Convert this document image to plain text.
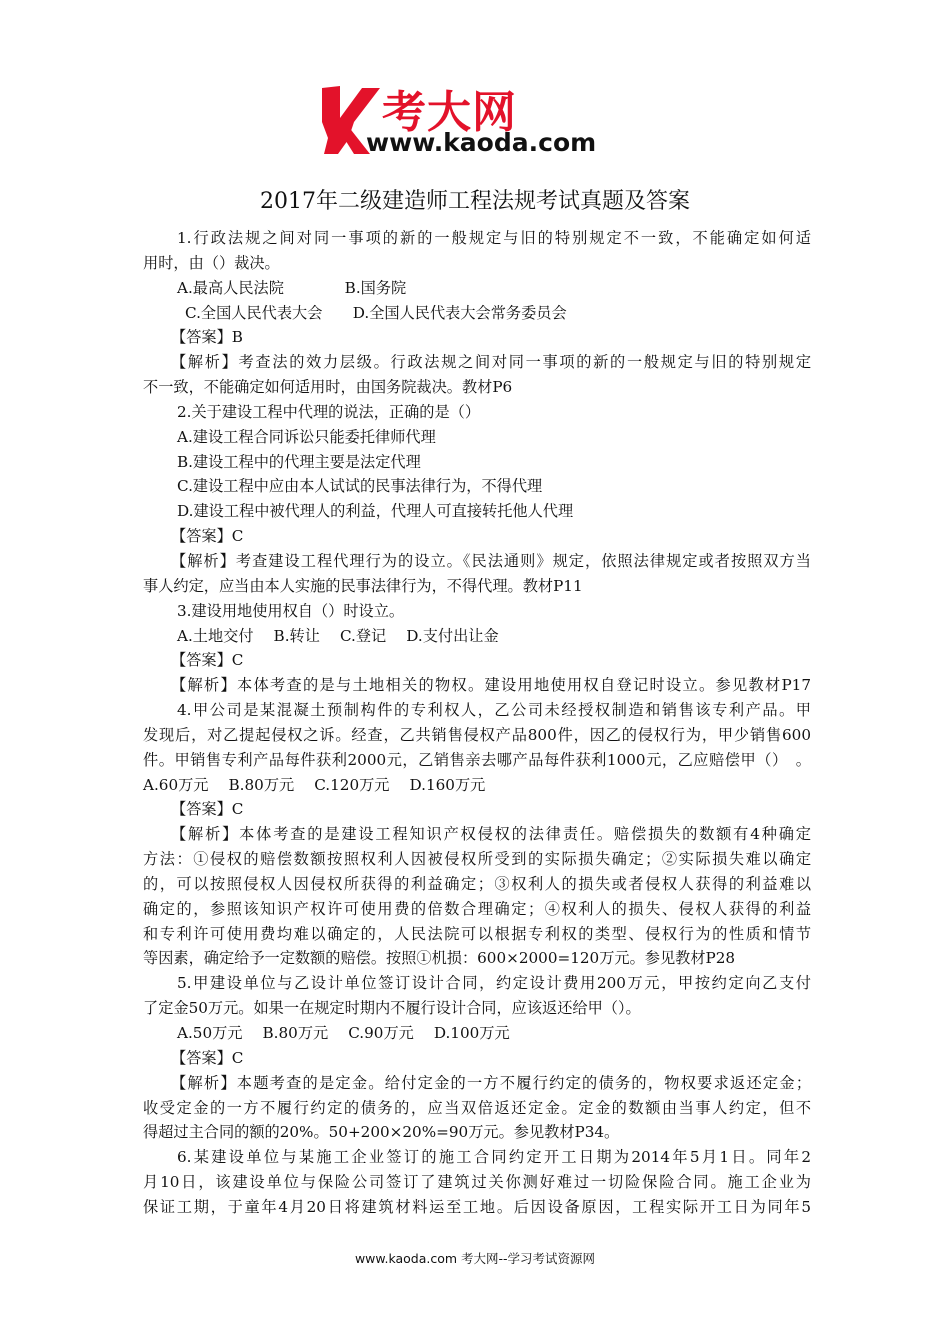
考大网
www.kaoda.com
2017年二级建造师工程法规考试真题及答案
1.行政法规之间对同一事项的新的一般规定与旧的特别规定不一致，不能确定如何适
用时，由（）裁决。
A.最高人民法院　　　　B.国务院
C.全国人民代表大会　　D.全国人民代表大会常务委员会
【答案】B
【解析】考查法的效力层级。行政法规之间对同一事项的新的一般规定与旧的特别规定
不一致，不能确定如何适用时，由国务院裁决。教材P6
2.关于建设工程中代理的说法，正确的是（）
A.建设工程合同诉讼只能委托律师代理
B.建设工程中的代理主要是法定代理
C.建设工程中应由本人试试的民事法律行为，不得代理
D.建设工程中被代理人的利益，代理人可直接转托他人代理
【答案】C
【解析】考查建设工程代理行为的设立。《民法通则》规定，依照法律规定或者按照双方当
事人约定，应当由本人实施的民事法律行为，不得代理。教材P11
3.建设用地使用权自（）时设立。
A.土地交付　 B.转让　 C.登记　 D.支付出让金
【答案】C
【解析】本体考查的是与土地相关的物权。建设用地使用权自登记时设立。参见教材P17
4.甲公司是某混凝土预制构件的专利权人，乙公司未经授权制造和销售该专利产品。甲
发现后，对乙提起侵权之诉。经查，乙共销售侵权产品800件，因乙的侵权行为，甲少销售600
件。甲销售专利产品每件获利2000元，乙销售亲去哪产品每件获利1000元，乙应赔偿甲（）　。
A.60万元　 B.80万元　 C.120万元　 D.160万元
【答案】C
【解析】本体考查的是建设工程知识产权侵权的法律责任。赔偿损失的数额有4种确定
方法：①侵权的赔偿数额按照权利人因被侵权所受到的实际损失确定；②实际损失难以确定
的，可以按照侵权人因侵权所获得的利益确定；③权利人的损失或者侵权人获得的利益难以
确定的，参照该知识产权许可使用费的倍数合理确定；④权利人的损失、侵权人获得的利益
和专利许可使用费均难以确定的，人民法院可以根据专利权的类型、侵权行为的性质和情节
等因素，确定给予一定数额的赔偿。按照①机损：600×2000=120万元。参见教材P28
5.甲建设单位与乙设计单位签订设计合同，约定设计费用200万元，甲按约定向乙支付
了定金50万元。如果一在规定时期内不履行设计合同，应该返还给甲（）。
A.50万元　 B.80万元　 C.90万元　 D.100万元
【答案】C
【解析】本题考查的是定金。给付定金的一方不履行约定的债务的，物权要求返还定金；
收受定金的一方不履行约定的债务的，应当双倍返还定金。定金的数额由当事人约定，但不
得超过主合同的额的20%。50+200×20%=90万元。参见教材P34。
6.某建设单位与某施工企业签订的施工合同约定开工日期为2014年5月1日。同年2
月10日，该建设单位与保险公司签订了建筑过关你测好难过一切险保险合同。施工企业为
保证工期，于童年4月20日将建筑材料运至工地。后因设备原因，工程实际开工日为同年5
www.kaoda.com 考大网--学习考试资源网
